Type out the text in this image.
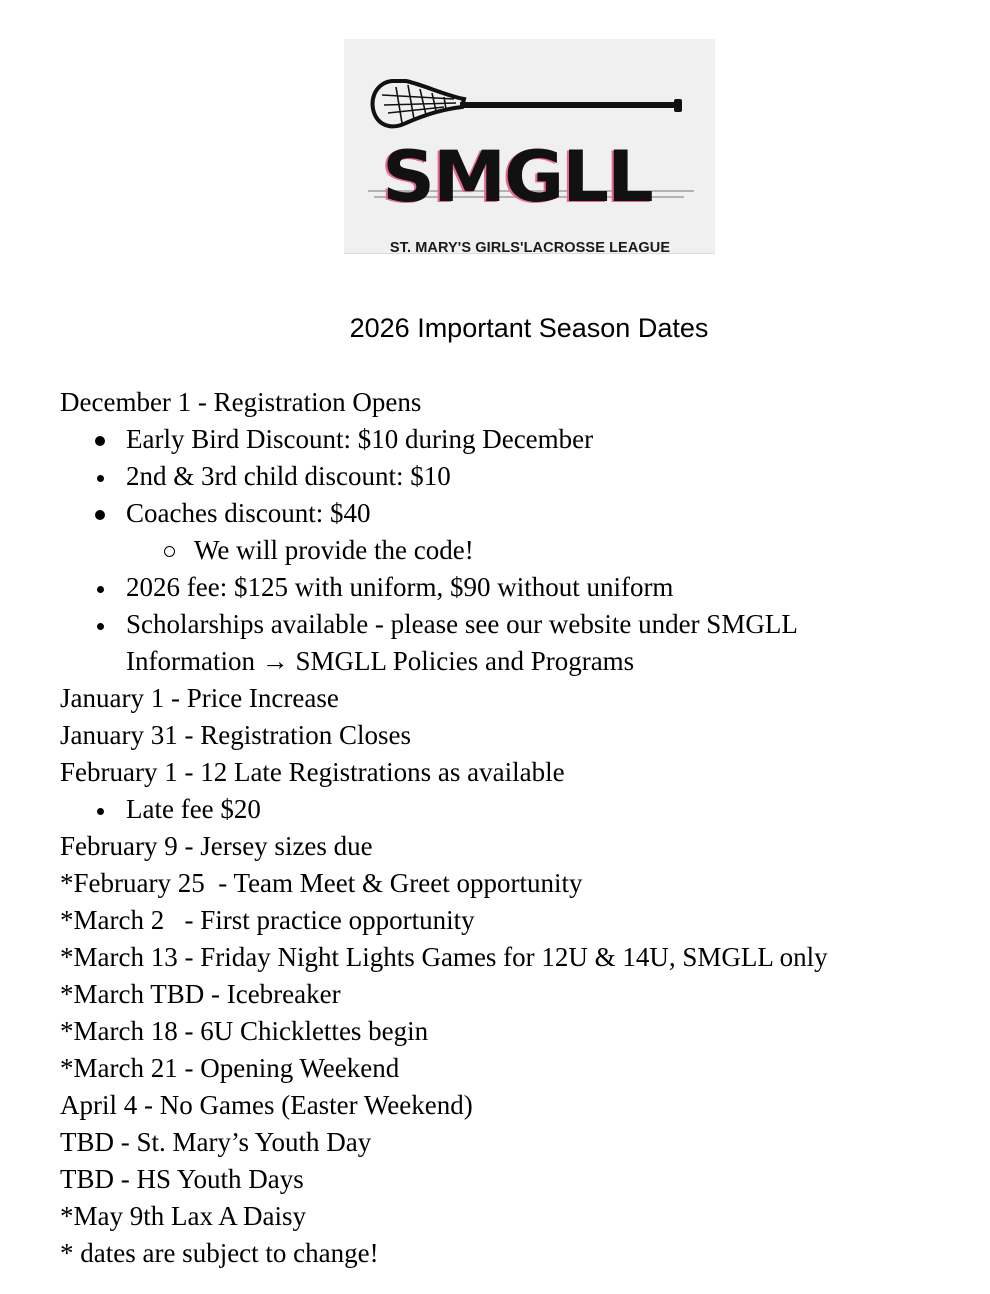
SMGLL
ST. MARY'S GIRLS'LACROSSE LEAGUE
2026 Important Season Dates
December 1 - Registration Opens
Early Bird Discount: $10 during December
2nd & 3rd child discount: $10
Coaches discount: $40
We will provide the code!
2026 fee: $125 with uniform, $90 without uniform
Scholarships available - please see our website under SMGLL Information → SMGLL Policies and Programs
January 1 - Price Increase
January 31 - Registration Closes
February 1 - 12 Late Registrations as available
Late fee $20
February 9 - Jersey sizes due
*February 25  - Team Meet & Greet opportunity
*March 2   - First practice opportunity
*March 13 - Friday Night Lights Games for 12U & 14U, SMGLL only
*March TBD - Icebreaker
*March 18 - 6U Chicklettes begin
*March 21 - Opening Weekend
April 4 - No Games (Easter Weekend)
TBD - St. Mary’s Youth Day
TBD - HS Youth Days
*May 9th Lax A Daisy
* dates are subject to change!
